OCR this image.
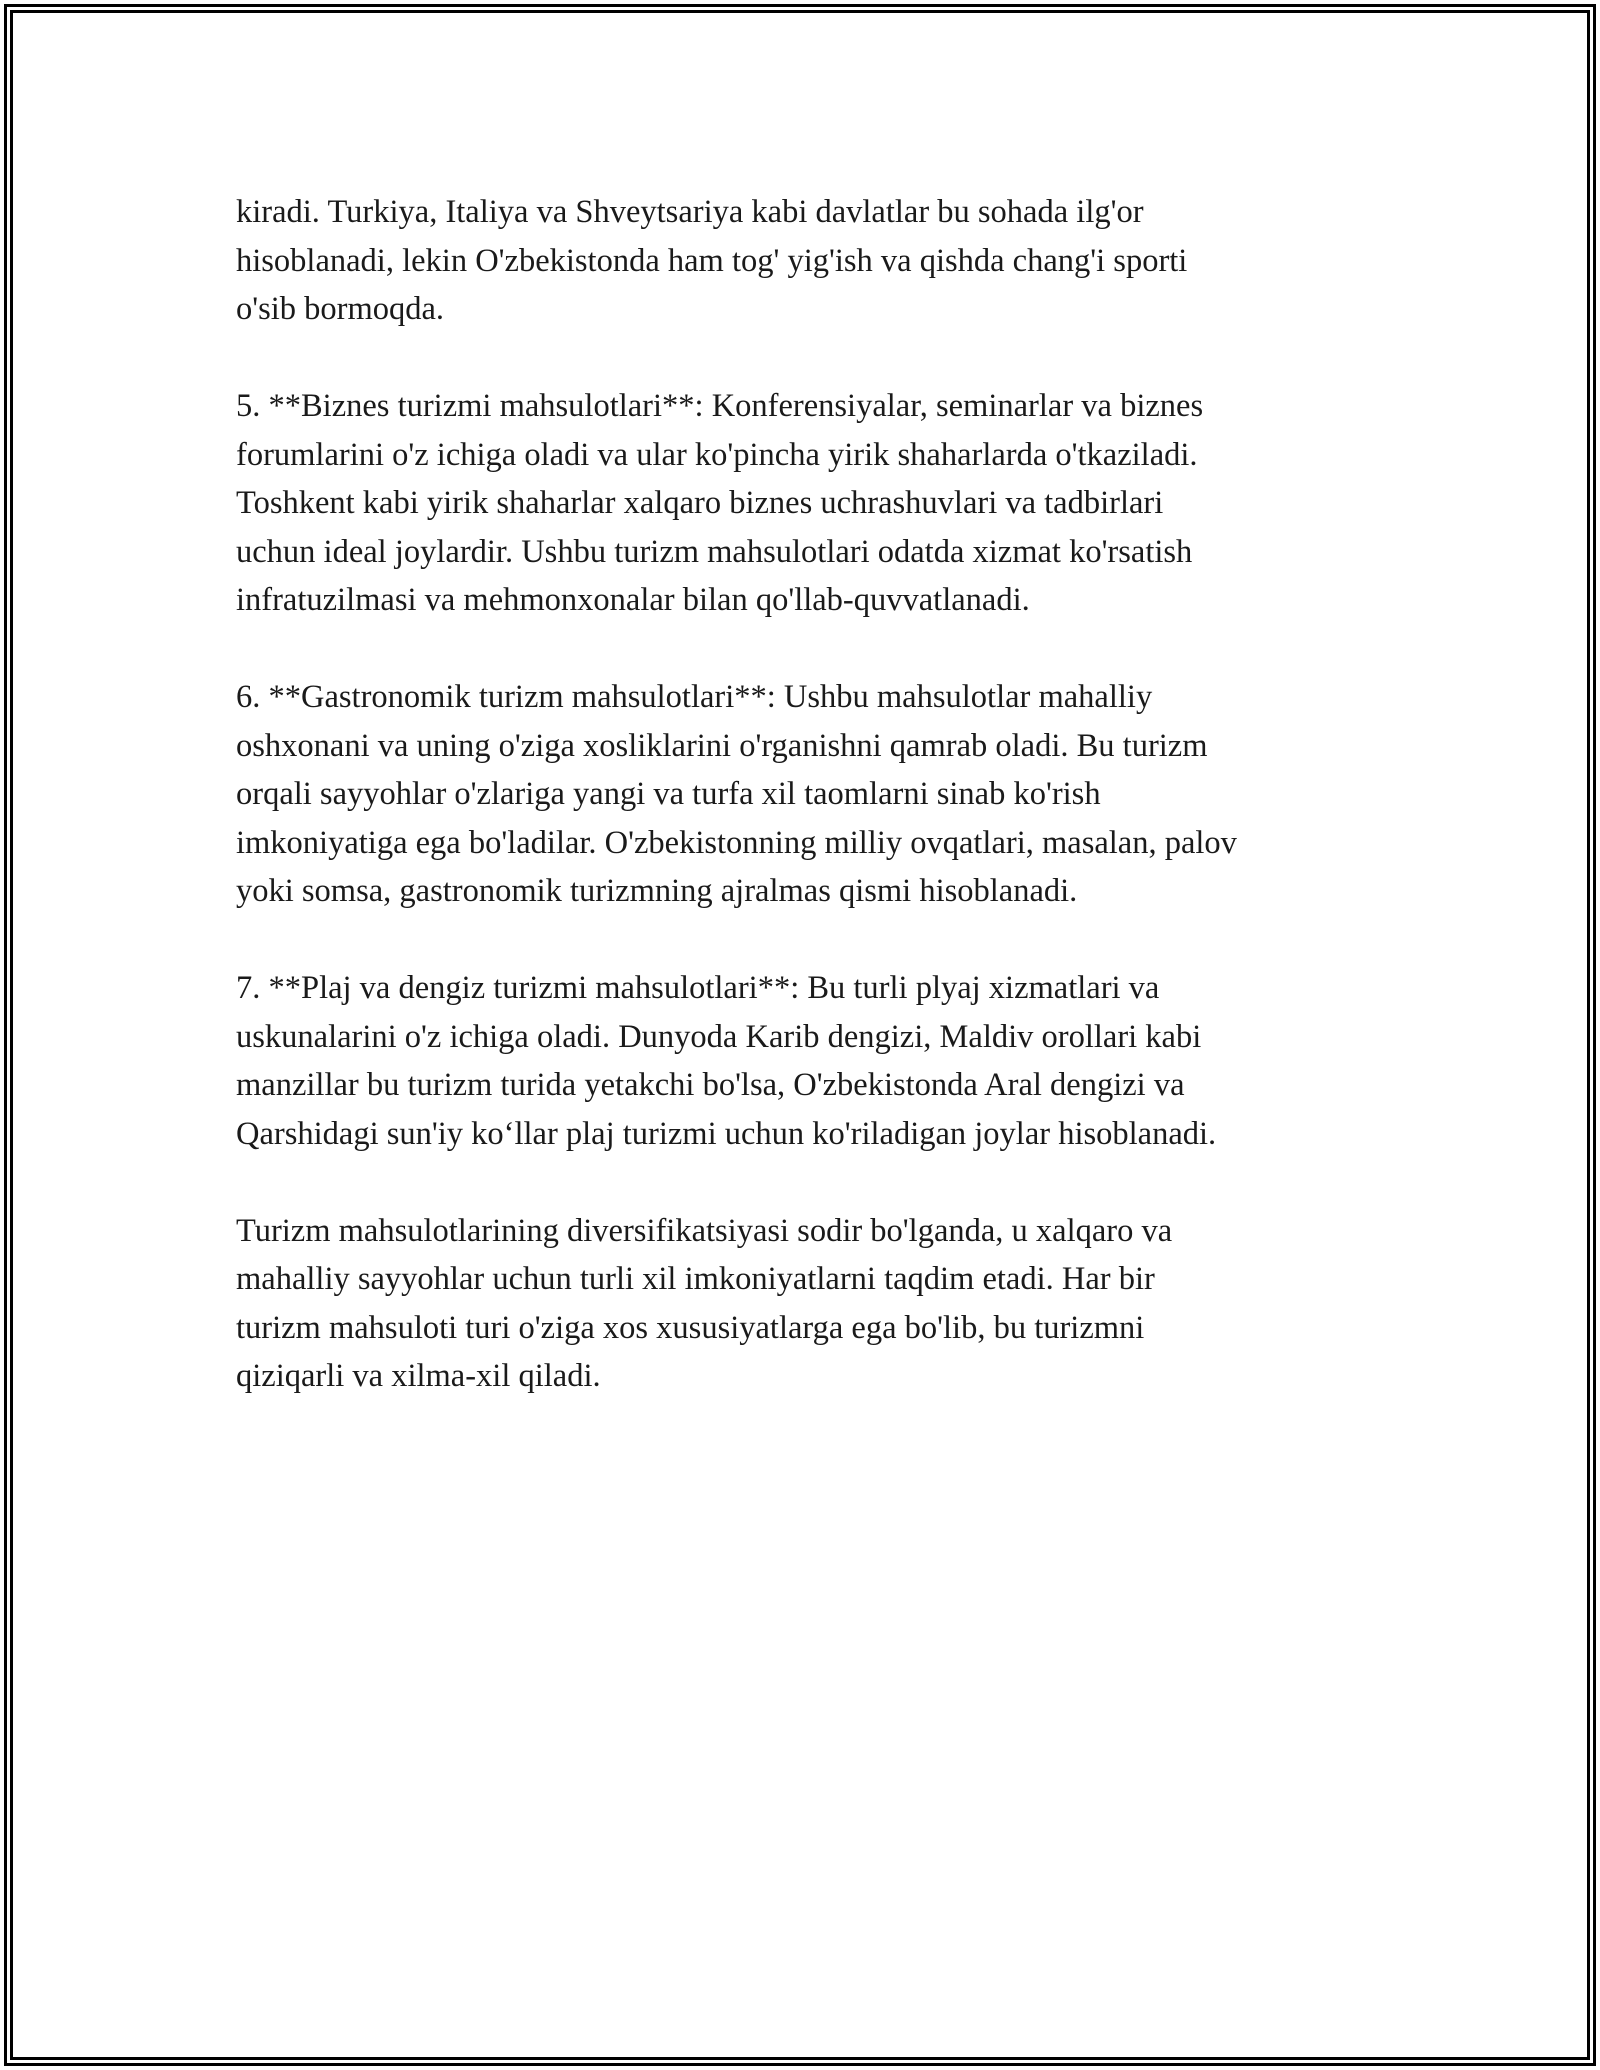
kiradi. Turkiya, Italiya va Shveytsariya kabi davlatlar bu sohada ilg'or
hisoblanadi, lekin O'zbekistonda ham tog' yig'ish va qishda chang'i sporti
o'sib bormoqda.

5. **Biznes turizmi mahsulotlari**: Konferensiyalar, seminarlar va biznes
forumlarini o'z ichiga oladi va ular ko'pincha yirik shaharlarda o'tkaziladi.
Toshkent kabi yirik shaharlar xalqaro biznes uchrashuvlari va tadbirlari
uchun ideal joylardir. Ushbu turizm mahsulotlari odatda xizmat ko'rsatish
infratuzilmasi va mehmonxonalar bilan qo'llab-quvvatlanadi.

6. **Gastronomik turizm mahsulotlari**: Ushbu mahsulotlar mahalliy
oshxonani va uning o'ziga xosliklarini o'rganishni qamrab oladi. Bu turizm
orqali sayyohlar o'zlariga yangi va turfa xil taomlarni sinab ko'rish
imkoniyatiga ega bo'ladilar. O'zbekistonning milliy ovqatlari, masalan, palov
yoki somsa, gastronomik turizmning ajralmas qismi hisoblanadi.

7. **Plaj va dengiz turizmi mahsulotlari**: Bu turli plyaj xizmatlari va
uskunalarini o'z ichiga oladi. Dunyoda Karib dengizi, Maldiv orollari kabi
manzillar bu turizm turida yetakchi bo'lsa, O'zbekistonda Aral dengizi va
Qarshidagi sun'iy ko‘llar plaj turizmi uchun ko'riladigan joylar hisoblanadi.

Turizm mahsulotlarining diversifikatsiyasi sodir bo'lganda, u xalqaro va
mahalliy sayyohlar uchun turli xil imkoniyatlarni taqdim etadi. Har bir
turizm mahsuloti turi o'ziga xos xususiyatlarga ega bo'lib, bu turizmni
qiziqarli va xilma-xil qiladi.
